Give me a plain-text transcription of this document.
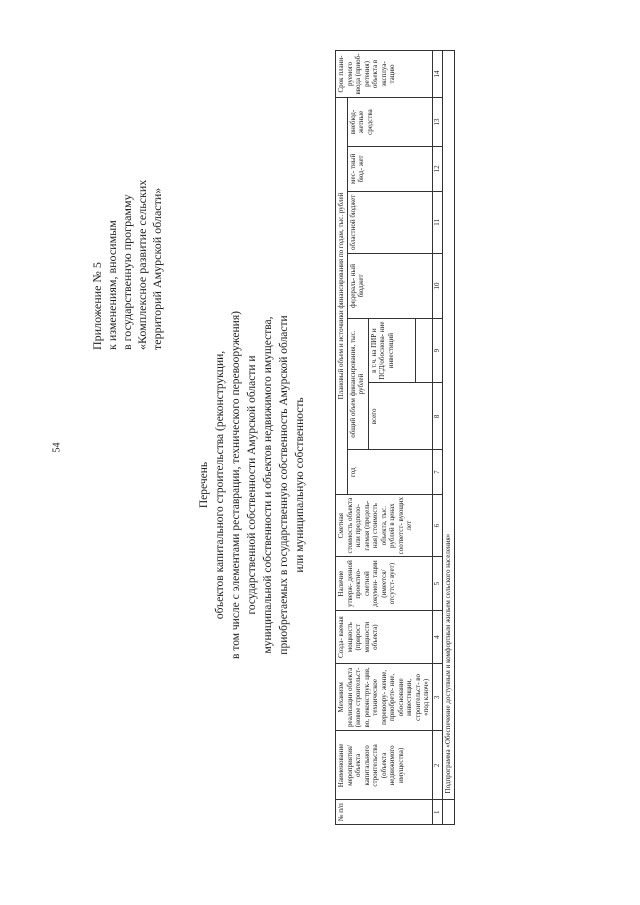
54
Приложение № 5 к изменениям, вносимым в государственную программу «Комплексное развитие сельских территорий Амурской области»
Перечень объектов капитального строительства (реконструкции, в том числе с элементами реставрации, технического перевооружения) государственной собственности Амурской области и муниципальной собственности и объектов недвижимого имущества, приобретаемых в государственную собственность Амурской области или муниципальную собственность
№ п/п	Наименование мероприятия/ объекта капитального строительства (объекта недвижимого имущества)	Механизм реализации объекта (новое строительст- во, реконструк- ция, техническое перевоору- жение, приобрете- ние, обоснование инвестиции, строительст- во «под ключ»)	Созда- ваемая мощность (прирост мощности объекта)	Наличие утверж- денной проектно- сметной докумен- тации (имеется/ отсутст- вует)	Сметная стоимость объекта или предполо- гаемая (предель- ная) стоимость объекта, тыс. рублей в ценах соответст- вующих лет	Плановый объем и источники финансирования по годам, тыс. рублей							Срок плани- руемого ввода (приоб- ретения) объекта в эксплуа- тацию
						год	общий объем финансирования, тыс. рублей		федераль- ный бюджет	областной бюджет	мес- тный бюд- жет	внебюд- жетные средства	
							всего	в т.ч. на ПИР и ПСД/обоснова- ние инвестиций					

1	2	3	4	5	6	7	8	9	10	11	12	13	14
	Подпрограмма «Обеспечение доступным и комфортным жильем сельского населения»												
